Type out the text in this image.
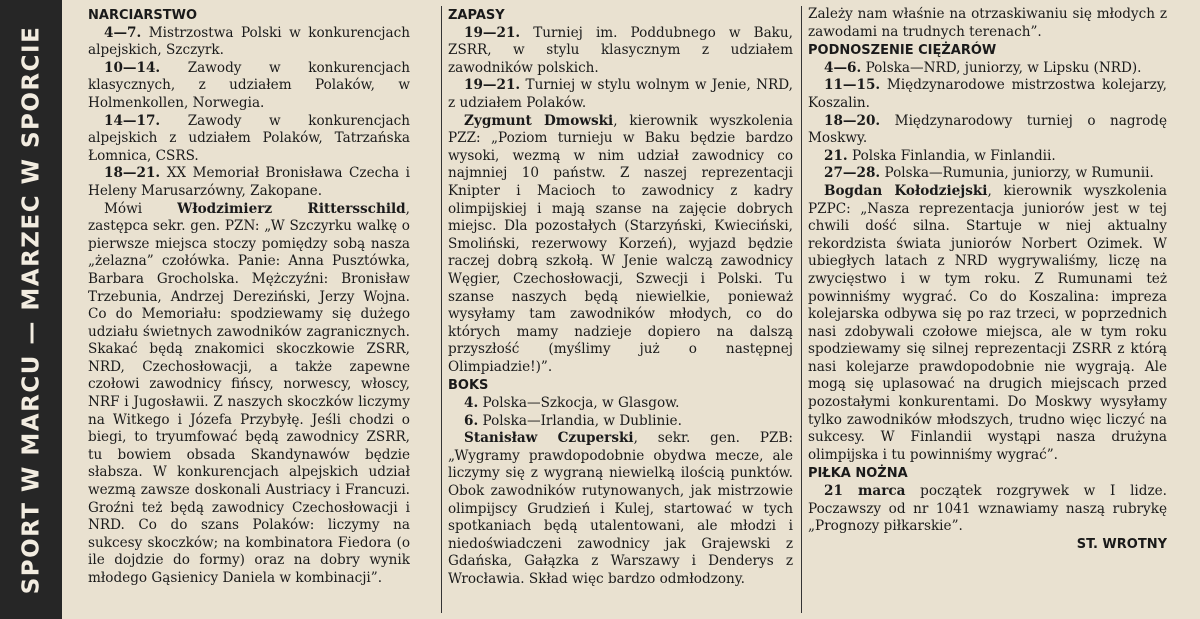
SPORT W MARCU — MARZEC W SPORCIE

NARCIARSTWO

4—7. Mistrzostwa Polski w konkurencjach alpejskich, Szczyrk.

10—14. Zawody w konkurencjach klasycznych, z udziałem Polaków, w Holmenkollen, Norwegia.

14—17. Zawody w konkurencjach alpejskich z udziałem Polaków, Tatrzańska Łomnica, CSRS.

18—21. XX Memoriał Bronisława Czecha i Heleny Marusarzówny, Zakopane.

Mówi Włodzimierz Rittersschild, zastępca sekr. gen. PZN: „W Szczyrku walkę o pierwsze miejsca stoczy pomiędzy sobą nasza „żelazna” czołówka. Panie: Anna Pusztówka, Barbara Grocholska. Mężczyźni: Bronisław Trzebunia, Andrzej Dereziński, Jerzy Wojna. Co do Memoriału: spodziewamy się dużego udziału świetnych zawodników zagranicznych. Skakać będą znakomici skoczkowie ZSRR, NRD, Czechosłowacji, a także zapewne czołowi zawodnicy fińscy, norwescy, włoscy, NRF i Jugosławii. Z naszych skoczków liczymy na Witkego i Józefa Przybyłę. Jeśli chodzi o biegi, to tryumfować będą zawodnicy ZSRR, tu bowiem obsada Skandynawów będzie słabsza. W konkurencjach alpejskich udział wezmą zawsze doskonali Austriacy i Francuzi. Groźni też będą zawodnicy Czechosłowacji i NRD. Co do szans Polaków: liczymy na sukcesy skoczków; na kombinatora Fiedora (o ile dojdzie do formy) oraz na dobry wynik młodego Gąsienicy Daniela w kombinacji”.

ZAPASY

19—21. Turniej im. Poddubnego w Baku, ZSRR, w stylu klasycznym z udziałem zawodników polskich.

19—21. Turniej w stylu wolnym w Jenie, NRD, z udziałem Polaków.

Zygmunt Dmowski, kierownik wyszkolenia PZZ: „Poziom turnieju w Baku będzie bardzo wysoki, wezmą w nim udział zawodnicy co najmniej 10 państw. Z naszej reprezentacji Knipter i Macioch to zawodnicy z kadry olimpijskiej i mają szanse na zajęcie dobrych miejsc. Dla pozostałych (Starzyński, Kwieciński, Smoliński, rezerwowy Korzeń), wyjazd będzie raczej dobrą szkołą. W Jenie walczą zawodnicy Węgier, Czechosłowacji, Szwecji i Polski. Tu szanse naszych będą niewielkie, ponieważ wysyłamy tam zawodników młodych, co do których mamy nadzieje dopiero na dalszą przyszłość (myślimy już o następnej Olimpiadzie!)”.

BOKS

4. Polska—Szkocja, w Glasgow.

6. Polska—Irlandia, w Dublinie.

Stanisław Czuperski, sekr. gen. PZB: „Wygramy prawdopodobnie obydwa mecze, ale liczymy się z wygraną niewielką ilością punktów. Obok zawodników rutynowanych, jak mistrzowie olimpijscy Grudzień i Kulej, startować w tych spotkaniach będą utalentowani, ale młodzi i niedoświadczeni zawodnicy jak Grajewski z Gdańska, Gałązka z Warszawy i Denderys z Wrocławia. Skład więc bardzo odmłodzony.

Zależy nam właśnie na otrzaskiwaniu się młodych z zawodami na trudnych terenach”.

PODNOSZENIE CIĘŻARÓW

4—6. Polska—NRD, juniorzy, w Lipsku (NRD).

11—15. Międzynarodowe mistrzostwa kolejarzy, Koszalin.

18—20. Międzynarodowy turniej o nagrodę Moskwy.

21. Polska Finlandia, w Finlandii.

27—28. Polska—Rumunia, juniorzy, w Rumunii.

Bogdan Kołodziejski, kierownik wyszkolenia PZPC: „Nasza reprezentacja juniorów jest w tej chwili dość silna. Startuje w niej aktualny rekordzista świata juniorów Norbert Ozimek. W ubiegłych latach z NRD wygrywaliśmy, liczę na zwycięstwo i w tym roku. Z Rumunami też powinniśmy wygrać. Co do Koszalina: impreza kolejarska odbywa się po raz trzeci, w poprzednich nasi zdobywali czołowe miejsca, ale w tym roku spodziewamy się silnej reprezentacji ZSRR z którą nasi kolejarze prawdopodobnie nie wygrają. Ale mogą się uplasować na drugich miejscach przed pozostałymi konkurentami. Do Moskwy wysyłamy tylko zawodników młodszych, trudno więc liczyć na sukcesy. W Finlandii wystąpi nasza drużyna olimpijska i tu powinniśmy wygrać”.

PIŁKA NOŻNA

21 marca początek rozgrywek w I lidze. Poczawszy od nr 1041 wznawiamy naszą rubrykę „Prognozy piłkarskie”.

ST. WROTNY
